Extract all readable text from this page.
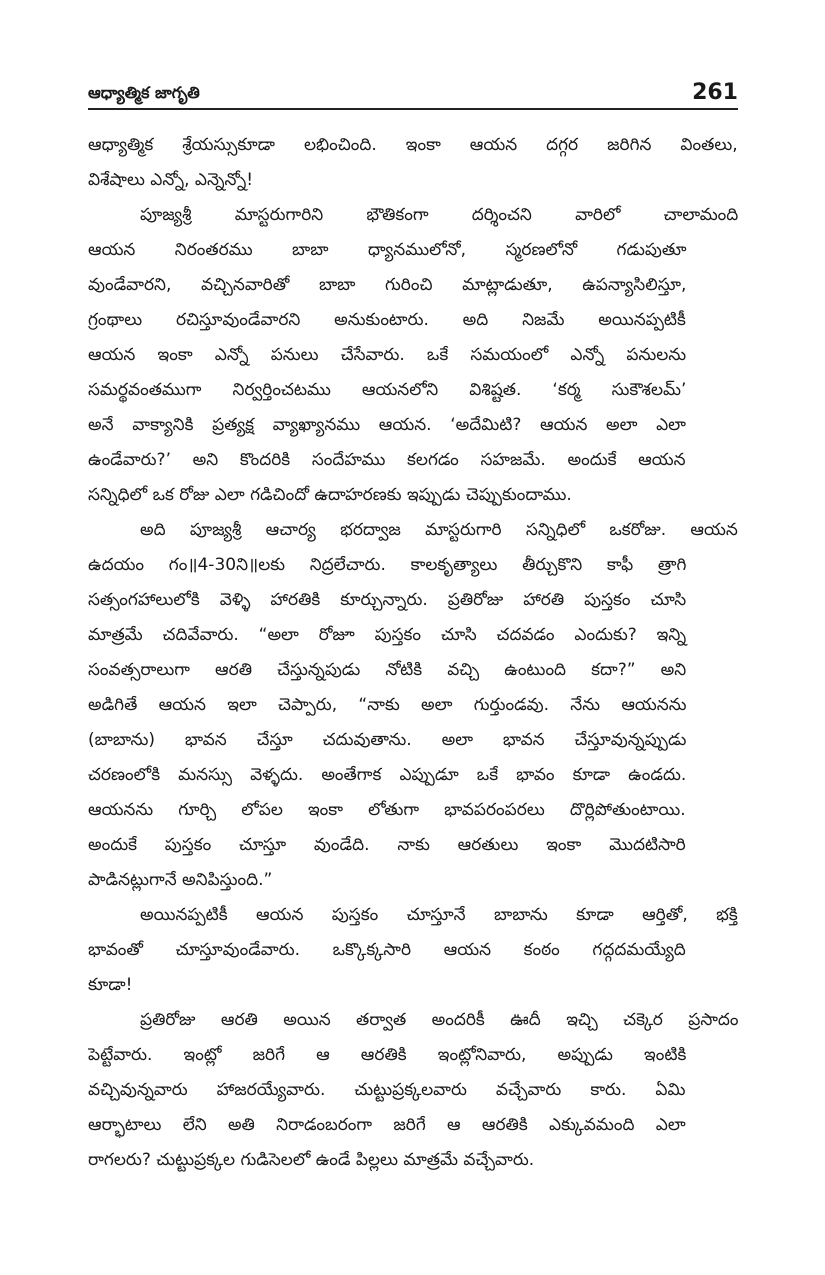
ఆధ్యాత్మిక జాగృతి	261

ఆధ్యాత్మిక శ్రేయస్సుకూడా లభించింది. ఇంకా ఆయన దగ్గర జరిగిన వింతలు,
విశేషాలు ఎన్నో, ఎన్నెన్నో!

పూజ్యశ్రీ మాస్టరుగారిని భౌతికంగా దర్శించని వారిలో చాలామంది
ఆయన నిరంతరము బాబా ధ్యానములోనో, స్మరణలోనో గడుపుతూ
వుండేవారని, వచ్చినవారితో బాబా గురించి మాట్లాడుతూ, ఉపన్యాసిలిస్తూ,
గ్రంథాలు రచిస్తూవుండేవారని అనుకుంటారు. అది నిజమే అయినప్పటికీ
ఆయన ఇంకా ఎన్నో పనులు చేసేవారు. ఒకే సమయంలో ఎన్నో పనులను
సమర్థవంతముగా నిర్వర్తించటము ఆయనలోని విశిష్టత. ‘కర్మ సుకౌశలమ్’
అనే వాక్యానికి ప్రత్యక్ష వ్యాఖ్యానము ఆయన. ‘అదేమిటి? ఆయన అలా ఎలా
ఉండేవారు?’ అని కొందరికి సందేహము కలగడం సహజమే. అందుకే ఆయన
సన్నిధిలో ఒక రోజు ఎలా గడిచిందో ఉదాహరణకు ఇప్పుడు చెప్పుకుందాము.

అది పూజ్యశ్రీ ఆచార్య భరద్వాజ మాస్టరుగారి సన్నిధిలో ఒకరోజు. ఆయన
ఉదయం గం॥4-30ని॥లకు నిద్రలేచారు. కాలకృత్యాలు తీర్చుకొని కాఫీ త్రాగి
సత్సంగహాలులోకి వెళ్ళి హారతికి కూర్చున్నారు. ప్రతిరోజు హారతి పుస్తకం చూసి
మాత్రమే చదివేవారు. “అలా రోజూ పుస్తకం చూసి చదవడం ఎందుకు? ఇన్ని
సంవత్సరాలుగా ఆరతి చేస్తున్నపుడు నోటికి వచ్చి ఉంటుంది కదా?” అని
అడిగితే ఆయన ఇలా చెప్పారు, “నాకు అలా గుర్తుండవు. నేను ఆయనను
(బాబాను) భావన చేస్తూ చదువుతాను. అలా భావన చేస్తూవున్నప్పుడు
చరణంలోకి మనస్సు వెళ్ళదు. అంతేగాక ఎప్పుడూ ఒకే భావం కూడా ఉండదు.
ఆయనను గూర్చి లోపల ఇంకా లోతుగా భావపరంపరలు దొర్లిపోతుంటాయి.
అందుకే పుస్తకం చూస్తూ వుండేది. నాకు ఆరతులు ఇంకా మొదటిసారి
పాడినట్లుగానే అనిపిస్తుంది.”

అయినప్పటికీ ఆయన పుస్తకం చూస్తూనే బాబాను కూడా ఆర్తితో, భక్తి
భావంతో చూస్తూవుండేవారు. ఒక్కొక్కసారి ఆయన కంఠం గద్గదమయ్యేది
కూడా!

ప్రతిరోజు ఆరతి అయిన తర్వాత అందరికీ ఊదీ ఇచ్చి చక్కెర ప్రసాదం
పెట్టేవారు. ఇంట్లో జరిగే ఆ ఆరతికి ఇంట్లోనివారు, అప్పుడు ఇంటికి
వచ్చివున్నవారు హాజరయ్యేవారు. చుట్టుప్రక్కలవారు వచ్చేవారు కారు. ఏమి
ఆర్భాటాలు లేని అతి నిరాడంబరంగా జరిగే ఆ ఆరతికి ఎక్కువమంది ఎలా
రాగలరు? చుట్టుప్రక్కల గుడిసెలలో ఉండే పిల్లలు మాత్రమే వచ్చేవారు.
